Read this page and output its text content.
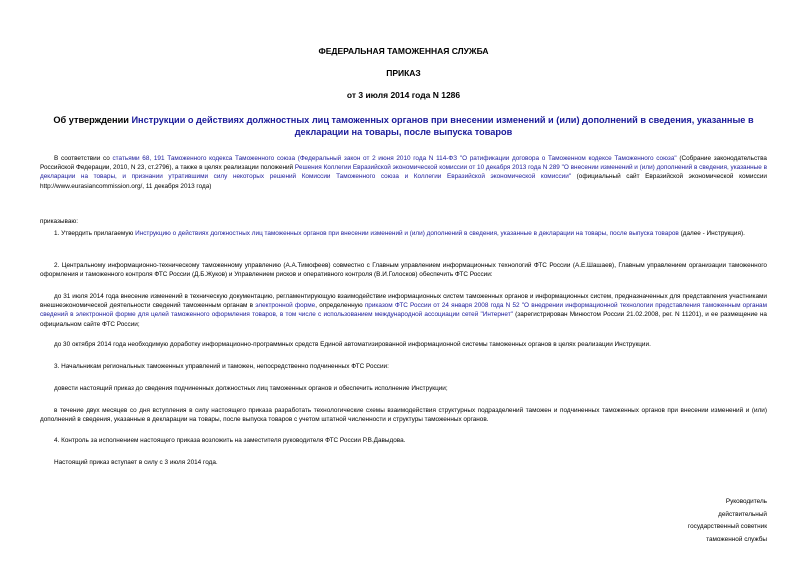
ФЕДЕРАЛЬНАЯ ТАМОЖЕННАЯ СЛУЖБА
ПРИКАЗ
от 3 июля 2014 года N 1286
Об утверждении Инструкции о действиях должностных лиц таможенных органов при внесении изменений и (или) дополнений в сведения, указанные в декларации на товары, после выпуска товаров
В соответствии со статьями 68, 191 Таможенного кодекса Таможенного союза (Федеральный закон от 2 июня 2010 года N 114-ФЗ "О ратификации договора о Таможенном кодексе Таможенного союза" (Собрание законодательства Российской Федерации, 2010, N 23, ст.2796), а также в целях реализации положений Решения Коллегии Евразийской экономической комиссии от 10 декабря 2013 года N 289 "О внесении изменений и (или) дополнений в сведения, указанные в декларации на товары, и признании утратившими силу некоторых решений Комиссии Таможенного союза и Коллегии Евразийской экономической комиссии" (официальный сайт Евразийской экономической комиссии http://www.eurasiancommission.org/, 11 декабря 2013 года)
приказываю:
1. Утвердить прилагаемую Инструкцию о действиях должностных лиц таможенных органов при внесении изменений и (или) дополнений в сведения, указанные в декларации на товары, после выпуска товаров (далее - Инструкция).
2. Центральному информационно-техническому таможенному управлению (А.А.Тимофеев) совместно с Главным управлением информационных технологий ФТС России (А.Е.Шашаев), Главным управлением организации таможенного оформления и таможенного контроля ФТС России (Д.Б.Жуков) и Управлением рисков и оперативного контроля (В.И.Голосков) обеспечить ФТС России:
до 31 июля 2014 года внесение изменений в техническую документацию, регламентирующую взаимодействие информационных систем таможенных органов и информационных систем, предназначенных для представления участниками внешнеэкономической деятельности сведений таможенным органам в электронной форме, определенную приказом ФТС России от 24 января 2008 года N 52 "О внедрении информационной технологии представления таможенным органам сведений в электронной форме для целей таможенного оформления товаров, в том числе с использованием международной ассоциации сетей "Интернет" (зарегистрирован Минюстом России 21.02.2008, рег. N 11201), и ее размещение на официальном сайте ФТС России;
до 30 октября 2014 года необходимую доработку информационно-программных средств Единой автоматизированной информационной системы таможенных органов в целях реализации Инструкции.
3. Начальникам региональных таможенных управлений и таможен, непосредственно подчиненных ФТС России:
довести настоящий приказ до сведения подчиненных должностных лиц таможенных органов и обеспечить исполнение Инструкции;
в течение двух месяцев со дня вступления в силу настоящего приказа разработать технологические схемы взаимодействия структурных подразделений таможен и подчиненных таможенных органов при внесении изменений и (или) дополнений в сведения, указанные в декларации на товары, после выпуска товаров с учетом штатной численности и структуры таможенных органов.
4. Контроль за исполнением настоящего приказа возложить на заместителя руководителя ФТС России Р.В.Давыдова.
Настоящий приказ вступает в силу с 3 июля 2014 года.
Руководитель
действительный
государственный советник
таможенной службы
